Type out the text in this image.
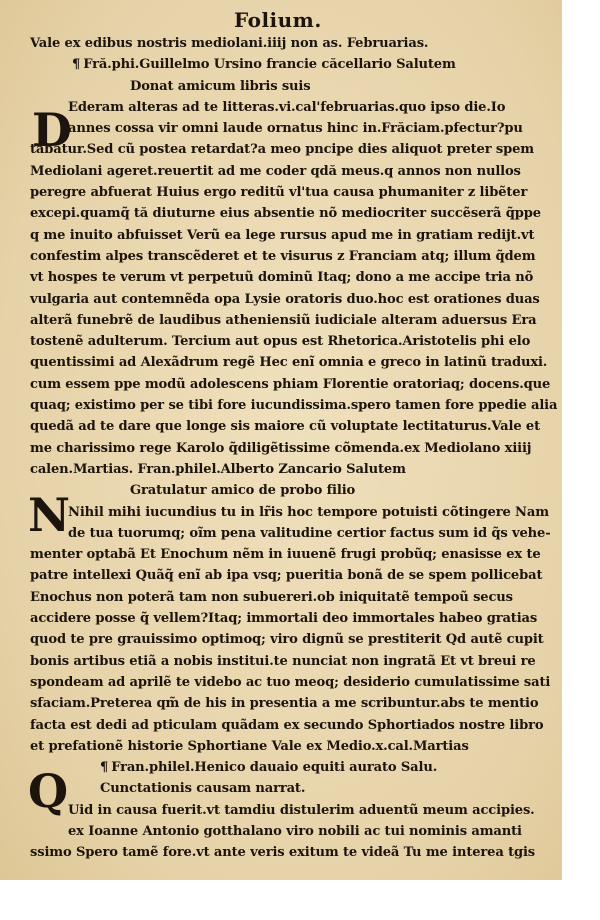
Folium.
D
N
Q
Vale ex edibus nostris mediolani.iiij non as. Februarias.
¶ Fră.phi.Guillelmo Ursino francie căcellario Salutem
Donat amicum libris suis
Ederam alteras ad te litteras.vi.cal'februarias.quo ipso die.Io
annes cossa vir omni laude ornatus hinc in.Frăciam.pfectur?pu
tabatur.Sed cũ postea retardat?a meo pncipe dies aliquot preter spem
Mediolani ageret.reuertit ad me coder qdă meus.q annos non nullos
peregre abfuerat Huius ergo reditũ vl'tua causa phumaniter z libẽter
excepi.quamq̃ tă diuturne eius absentie nõ mediocriter succẽserã q̃ppe
q me inuito abfuisset Verũ ea lege rursus apud me in gratiam redijt.vt
confestim alpes transcẽderet et te visurus z Franciam atq; illum q̃dem
vt hospes te verum vt perpetuũ dominũ Itaq; dono a me accipe tria nõ
vulgaria aut contemnẽda opa Lysie oratoris duo.hoc est orationes duas
alterã funebrẽ de laudibus atheniensiũ iudiciale alteram aduersus Era
tostenẽ adulterum. Tercium aut opus est Rhetorica.Aristotelis phi elo
quentissimi ad Alexãdrum regẽ Hec enĩ omnia e greco in latinũ traduxi.
cum essem ppe modũ adolescens phiam Florentie oratoriaq; docens.que
quaq; existimo per se tibi fore iucundissima.spero tamen fore ppedie alia
quedã ad te dare que longe sis maiore cũ voluptate lectitaturus.Vale et
me charissimo rege Karolo q̃diligẽtissime cõmenda.ex Mediolano xiiij
calen.Martias. Fran.philel.Alberto Zancario Salutem
Gratulatur amico de probo filio
Nihil mihi iucundius tu in lr̃is hoc tempore potuisti cõtingere Nam
de tua tuorumq; oĩm pena valitudine certior factus sum id q̃s vehe-
menter optabã Et Enochum nẽm in iuuenẽ frugi probũq; enasisse ex te
patre intellexi Quãq̃ enĩ ab ipa vsq; pueritia bonã de se spem pollicebat
Enochus non poterã tam non subuereri.ob iniquitatẽ tempoũ secus
accidere posse q̃ vellem?Itaq; immortali deo immortales habeo gratias
quod te pre grauissimo optimoq; viro dignũ se prestiterit Qd autẽ cupit
bonis artibus etiã a nobis institui.te nunciat non ingratã Et vt breui re
spondeam ad aprilẽ te videbo ac tuo meoq; desiderio cumulatissime sati
sfaciam.Preterea qm̃ de his in presentia a me scribuntur.abs te mentio
facta est dedi ad pticulam quãdam ex secundo Sphortiados nostre libro
et prefationẽ historie Sphortiane Vale ex Medio.x.cal.Martias
¶ Fran.philel.Henico dauaio equiti aurato Salu.
Cunctationis causam narrat.
Uid in causa fuerit.vt tamdiu distulerim aduentũ meum accipies.
ex Ioanne Antonio gotthalano viro nobili ac tui nominis amanti
ssimo Spero tamẽ fore.vt ante veris exitum te videã Tu me interea tgis
